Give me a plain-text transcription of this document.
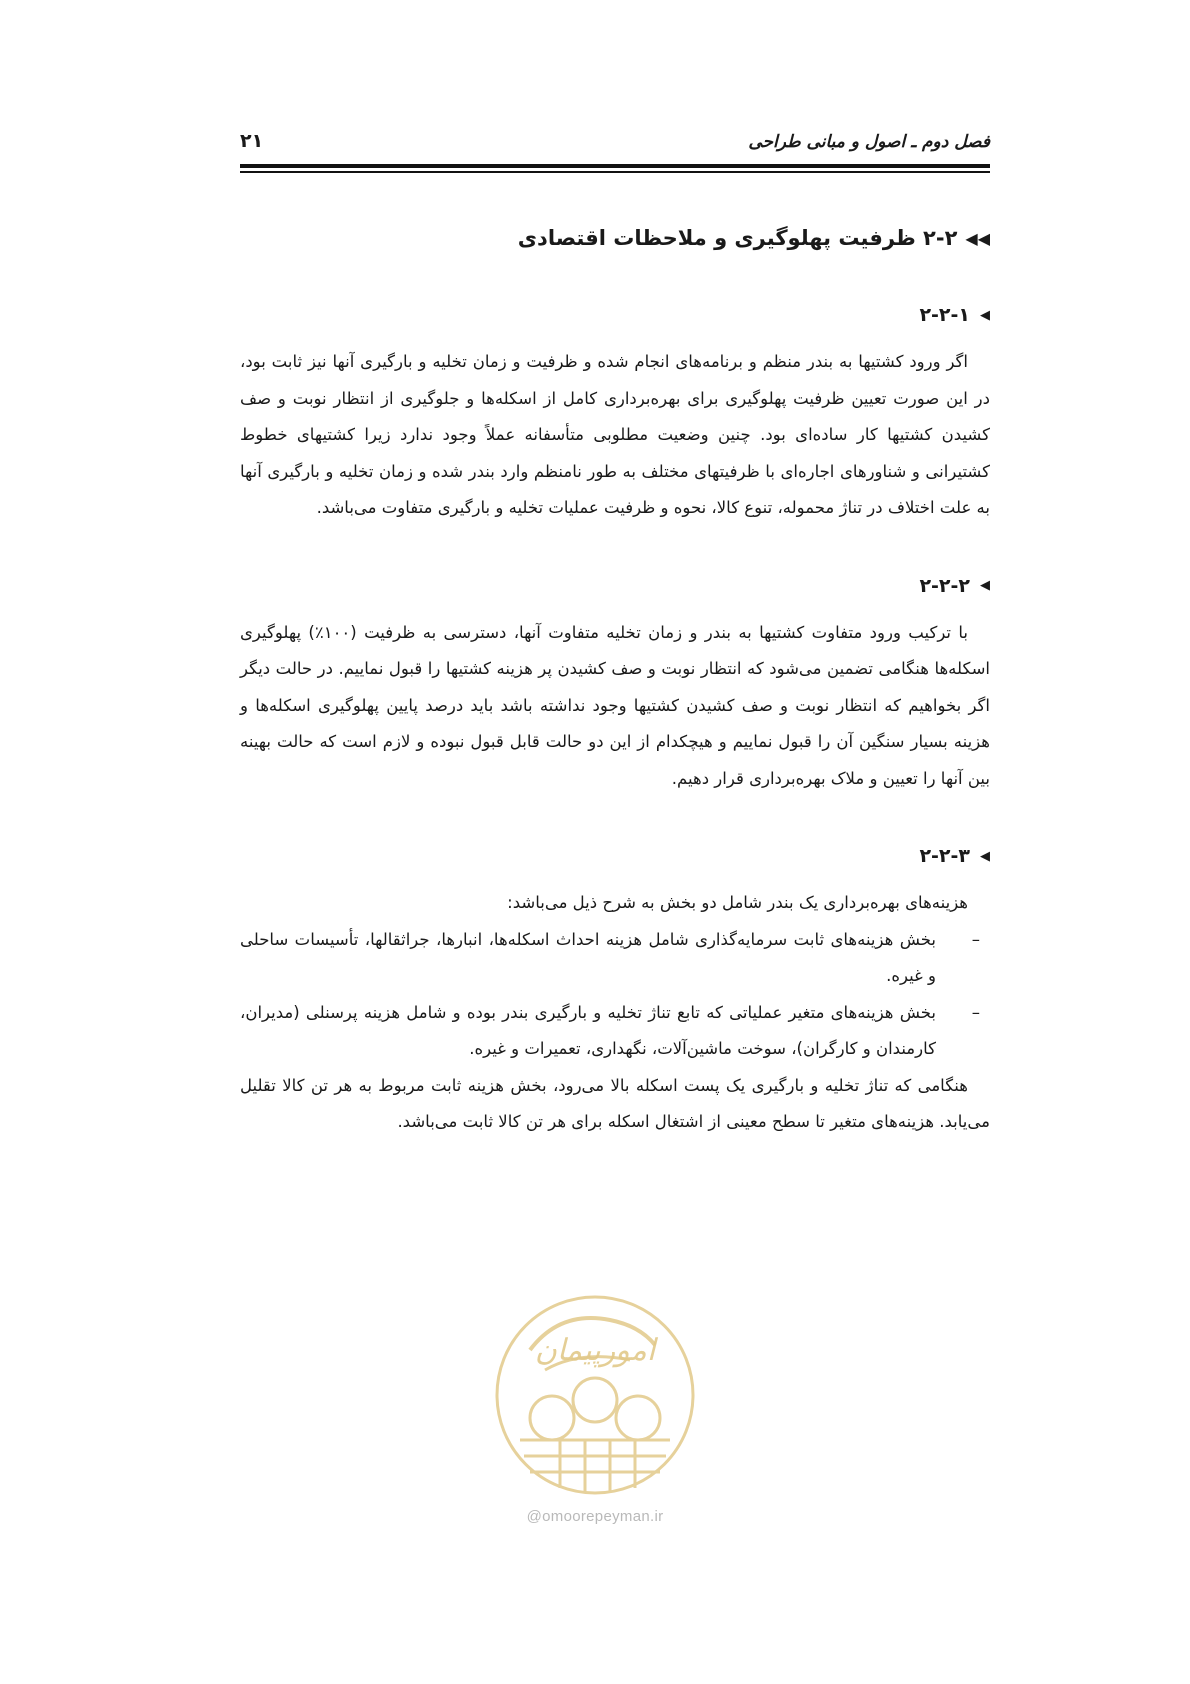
فصل دوم ـ اصول و مبانی طراحی
۲۱
◀◀
۲-۲ ظرفیت پهلوگیری و ملاحظات اقتصادی
◀
۲-۲-۱

اگر ورود کشتیها به بندر منظم و برنامه‌های انجام شده و ظرفیت و زمان تخلیه و بارگیری آنها نیز ثابت بود، در این صورت تعیین ظرفیت پهلوگیری برای بهره‌برداری کامل از اسکله‌ها و جلوگیری از انتظار نوبت و صف کشیدن کشتیها کار ساده‌ای بود. چنین وضعیت مطلوبی متأسفانه عملاً وجود ندارد زیرا کشتیهای خطوط کشتیرانی و شناورهای اجاره‌ای با ظرفیتهای مختلف به طور نامنظم وارد بندر شده و زمان تخلیه و بارگیری آنها به علت اختلاف در تناژ محموله، تنوع کالا، نحوه و ظرفیت عملیات تخلیه و بارگیری متفاوت می‌باشد.

◀
۲-۲-۲

با ترکیب ورود متفاوت کشتیها به بندر و زمان تخلیه متفاوت آنها، دسترسی به ظرفیت (۱۰۰٪) پهلوگیری اسکله‌ها هنگامی تضمین می‌شود که انتظار نوبت و صف کشیدن پر هزینه کشتیها را قبول نماییم. در حالت دیگر اگر بخواهیم که انتظار نوبت و صف کشیدن کشتیها وجود نداشته باشد باید درصد پایین پهلوگیری اسکله‌ها و هزینه بسیار سنگین آن را قبول نماییم و هیچکدام از این دو حالت قابل قبول نبوده و لازم است که حالت بهینه بین آنها را تعیین و ملاک بهره‌برداری قرار دهیم.

◀
۲-۲-۳

هزینه‌های بهره‌برداری یک بندر شامل دو بخش به شرح ذیل می‌باشد:

–
بخش هزینه‌های ثابت سرمایه‌گذاری شامل هزینه احداث اسکله‌ها، انبارها، جراثقالها، تأسیسات ساحلی و غیره.
–
بخش هزینه‌های متغیر عملیاتی که تابع تناژ تخلیه و بارگیری بندر بوده و شامل هزینه پرسنلی (مدیران، کارمندان و کارگران)، سوخت ماشین‌آلات، نگهداری، تعمیرات و غیره.

هنگامی که تناژ تخلیه و بارگیری یک پست اسکله بالا می‌رود، بخش هزینه ثابت مربوط به هر تن کالا تقلیل می‌یابد. هزینه‌های متغیر تا سطح معینی از اشتغال اسکله برای هر تن کالا ثابت می‌باشد.

امورپیمان
@omoorepeyman.ir
